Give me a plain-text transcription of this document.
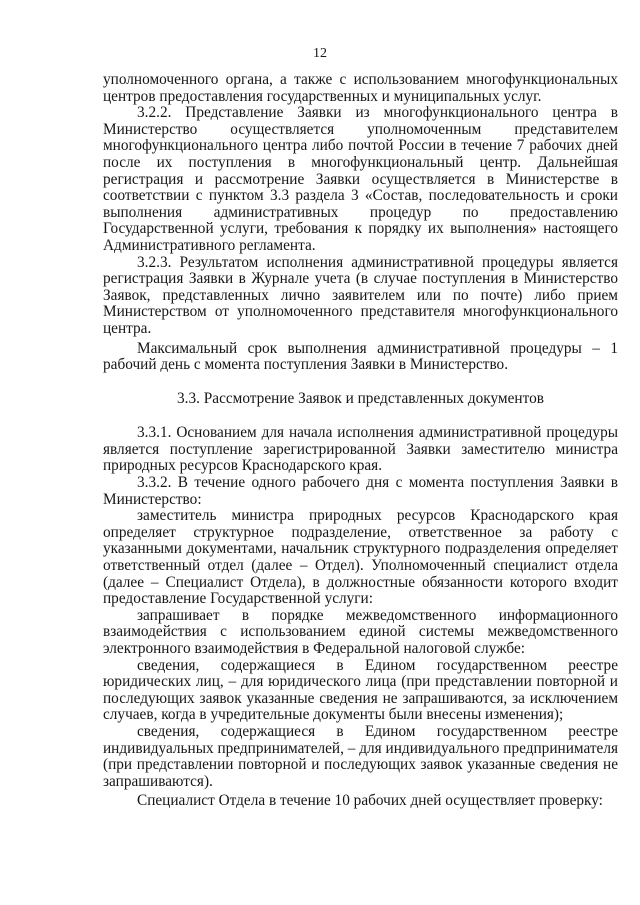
12

уполномоченного органа, а также с использованием многофункциональных центров предоставления государственных и муниципальных услуг.

3.2.2. Представление Заявки из многофункционального центра в Министерство осуществляется уполномоченным представителем многофункционального центра либо почтой России в течение 7 рабочих дней после их поступления в многофункциональный центр. Дальнейшая регистрация и рассмотрение Заявки осуществляется в Министерстве в соответствии с пунктом 3.3 раздела 3 «Состав, последовательность и сроки выполнения административных процедур по предоставлению Государственной услуги, требования к порядку их выполнения» настоящего Административного регламента.

3.2.3. Результатом исполнения административной процедуры является регистрация Заявки в Журнале учета (в случае поступления в Министерство Заявок, представленных лично заявителем или по почте) либо прием Министерством от уполномоченного представителя многофункционального центра.

Максимальный срок выполнения административной процедуры – 1 рабочий день с момента поступления Заявки в Министерство.

3.3. Рассмотрение Заявок и представленных документов

3.3.1. Основанием для начала исполнения административной процедуры является поступление зарегистрированной Заявки заместителю министра природных ресурсов Краснодарского края.

3.3.2. В течение одного рабочего дня с момента поступления Заявки в Министерство:

заместитель министра природных ресурсов Краснодарского края определяет структурное подразделение, ответственное за работу с указанными документами, начальник структурного подразделения определяет ответственный отдел (далее – Отдел). Уполномоченный специалист отдела (далее – Специалист Отдела), в должностные обязанности которого входит предоставление Государственной услуги:

запрашивает в порядке межведомственного информационного взаимодействия с использованием единой системы межведомственного электронного взаимодействия в Федеральной налоговой службе:

сведения, содержащиеся в Едином государственном реестре юридических лиц, – для юридического лица (при представлении повторной и последующих заявок указанные сведения не запрашиваются, за исключением случаев, когда в учредительные документы были внесены изменения);

сведения, содержащиеся в Едином государственном реестре индивидуальных предпринимателей, – для индивидуального предпринимателя (при представлении повторной и последующих заявок указанные сведения не запрашиваются).

Специалист Отдела в течение 10 рабочих дней осуществляет проверку:
